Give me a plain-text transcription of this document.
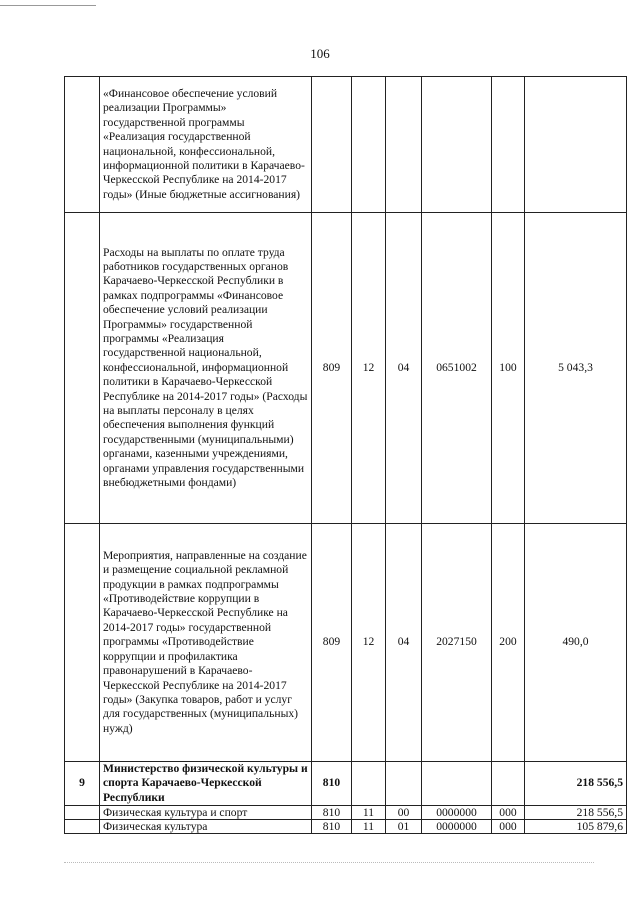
106
	«Финансовое обеспечение условий реализации Программы» государственной программы «Реализация государственной национальной, конфессиональной, информационной политики в Карачаево-Черкесской Республике на 2014-2017 годы» (Иные бюджетные ассигнования)						
	Расходы на выплаты по оплате труда работников государственных органов Карачаево-Черкесской Республики в рамках подпрограммы «Финансовое обеспечение условий реализации Программы» государственной программы «Реализация государственной национальной, конфессиональной, информационной политики в Карачаево-Черкесской Республике на 2014-2017 годы» (Расходы на выплаты персоналу в целях обеспечения выполнения функций государственными (муниципальными) органами, казенными учреждениями, органами управления государственными внебюджетными фондами)	809	12	04	0651002	100	5 043,3
	Мероприятия, направленные на создание и размещение социальной рекламной продукции в рамках подпрограммы «Противодействие коррупции в Карачаево-Черкесской Республике на 2014-2017 годы» государственной программы «Противодействие коррупции и профилактика правонарушений в Карачаево-Черкесской Республике на 2014-2017 годы» (Закупка товаров, работ и услуг для государственных (муниципальных) нужд)	809	12	04	2027150	200	490,0
9	Министерство физической культуры и спорта Карачаево-Черкесской Республики	810					218 556,5
	Физическая культура и спорт	810	11	00	0000000	000	218 556,5
	Физическая культура	810	11	01	0000000	000	105 879,6
